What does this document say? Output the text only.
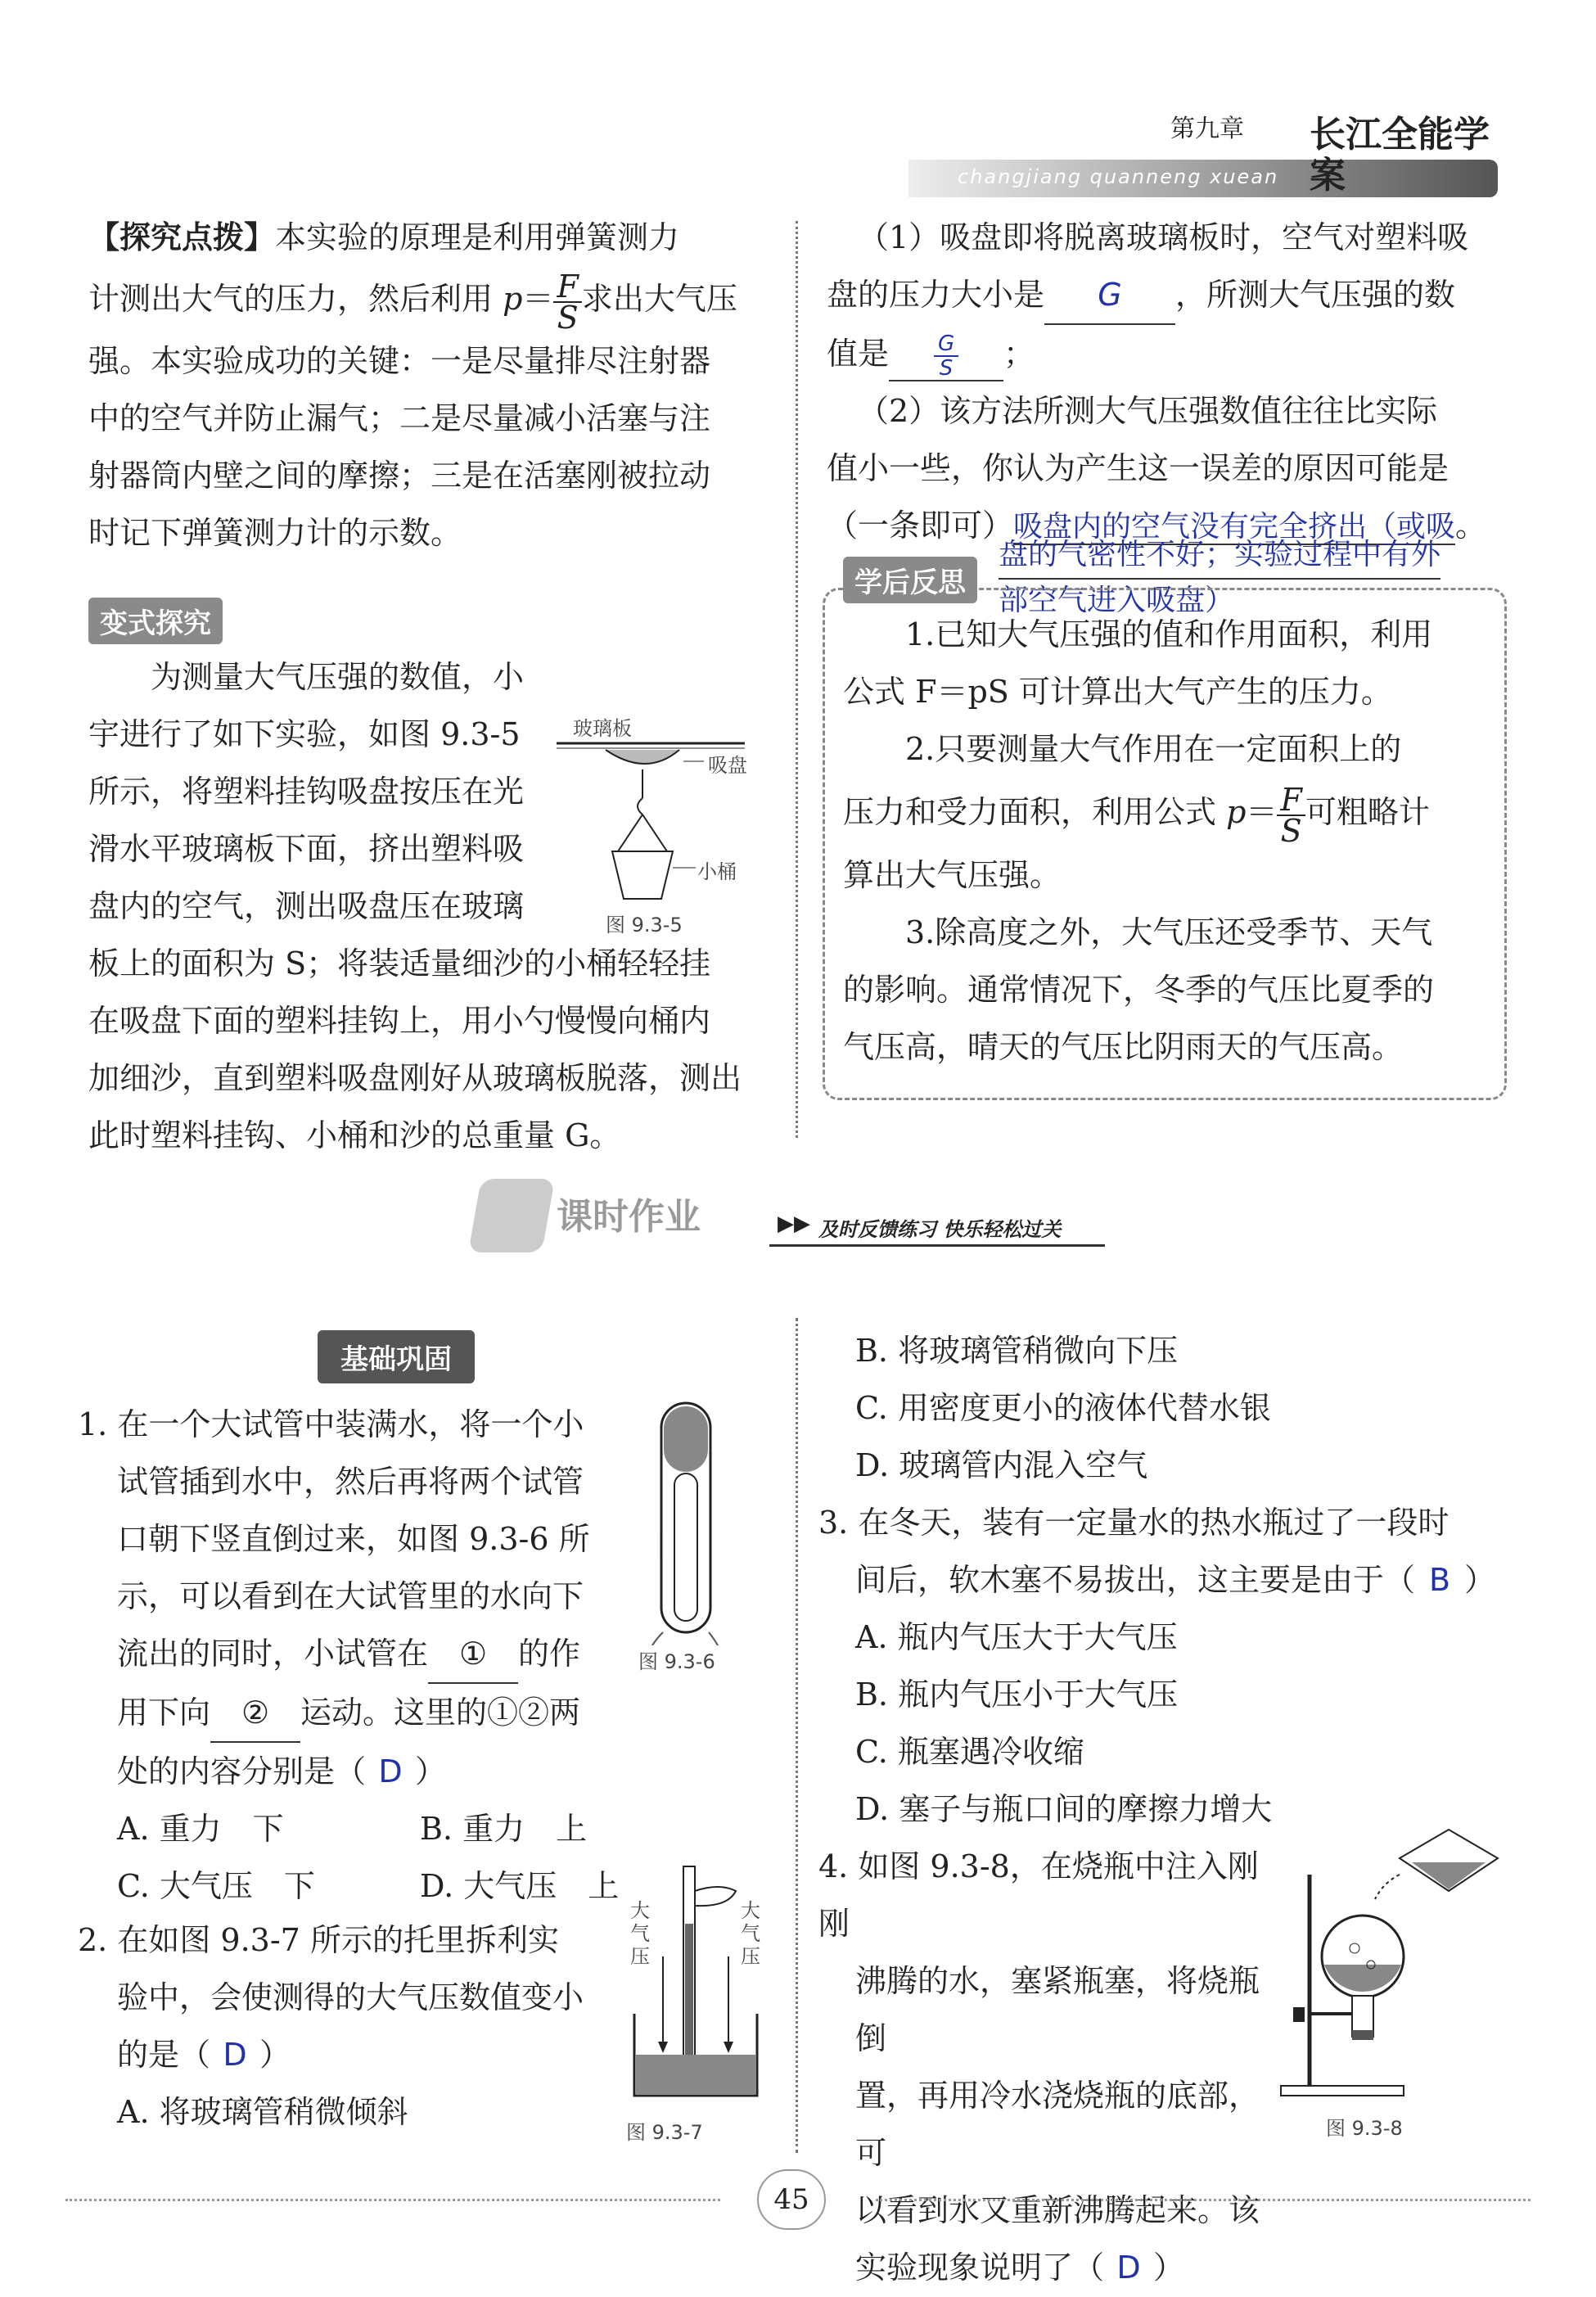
第九章
changjiang quanneng xuean
长江全能学案

【探究点拨】本实验的原理是利用弹簧测力

计测出大气的压力，然后利用 $p= \frac{F}{S}$ 求出大气压

强。本实验成功的关键：一是尽量排尽注射器

中的空气并防止漏气；二是尽量减小活塞与注

射器筒内壁之间的摩擦；三是在活塞刚被拉动

时记下弹簧测力计的示数。

变式探究

为测量大气压强的数值，小

宇进行了如下实验，如图 9.3-5

所示，将塑料挂钩吸盘按压在光

滑水平玻璃板下面，挤出塑料吸

盘内的空气，测出吸盘压在玻璃

玻璃板
吸盘
小桶
图 9.3-5

板上的面积为 S；将装适量细沙的小桶轻轻挂

在吸盘下面的塑料挂钩上，用小勺慢慢向桶内

加细沙，直到塑料吸盘刚好从玻璃板脱落，测出

此时塑料挂钩、小桶和沙的总重量 G。

（1）吸盘即将脱离玻璃板时，空气对塑料吸

盘的压力大小是 G ，所测大气压强的数

值是 $\frac{G}{S}$ ；

（2）该方法所测大气压强数值往往比实际

值小一些，你认为产生这一误差的原因可能是

（一条即可）吸盘内的空气没有完全挤出（或吸。

盘的气密性不好；实验过程中有外
部空气进入吸盘）
学后反思

1.已知大气压强的值和作用面积，利用

公式 F＝pS 可计算出大气产生的压力。

2.只要测量大气作用在一定面积上的

压力和受力面积，利用公式 $p= \frac{F}{S}$ 可粗略计

算出大气压强。

3.除高度之外，大气压还受季节、天气

的影响。通常情况下，冬季的气压比夏季的

气压高，晴天的气压比阴雨天的气压高。

课时作业	▶▶ 及时反馈练习 快乐轻松过关
基础巩固

1. 在一个大试管中装满水，将一个小

试管插到水中，然后再将两个试管

口朝下竖直倒过来，如图 9.3-6 所

示，可以看到在大试管里的水向下

流出的同时，小试管在 ① 的作

用下向 ② 运动。这里的①②两

处的内容分别是（ D ）

A. 重力　下	B. 重力　上

C. 大气压　下	D. 大气压　上

图 9.3-6

2. 在如图 9.3-7 所示的托里拆利实

验中，会使测得的大气压数值变小

的是（ D ）

A. 将玻璃管稍微倾斜

大气压
大气压
图 9.3-7

B. 将玻璃管稍微向下压

C. 用密度更小的液体代替水银

D. 玻璃管内混入空气

3. 在冬天，装有一定量水的热水瓶过了一段时

间后，软木塞不易拔出，这主要是由于（ B ）

A. 瓶内气压大于大气压

B. 瓶内气压小于大气压

C. 瓶塞遇冷收缩

D. 塞子与瓶口间的摩擦力增大

4. 如图 9.3-8，在烧瓶中注入刚刚

沸腾的水，塞紧瓶塞，将烧瓶倒

置，再用冷水浇烧瓶的底部，可

以看到水又重新沸腾起来。该

实验现象说明了（ D ）

图 9.3-8
45
